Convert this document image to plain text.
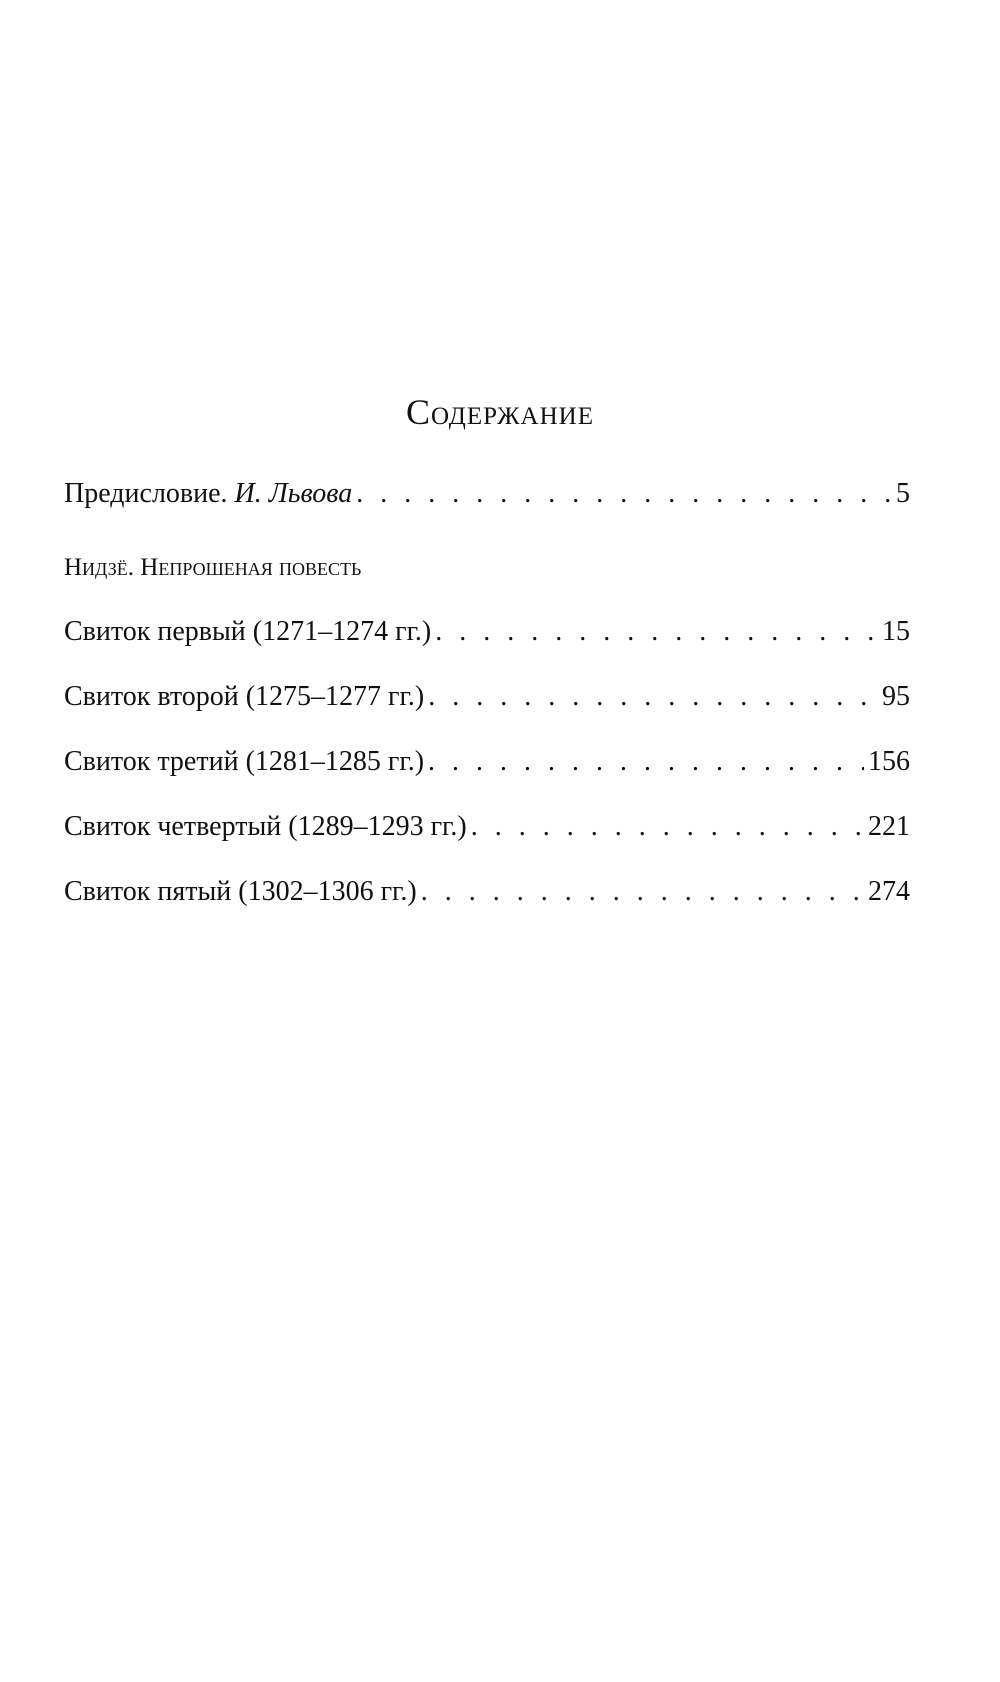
Содержание
Предисловие. И. Львова . . .	5
Нидзё. Непрошеная повесть
Свиток первый (1271–1274 гг.) . . .	15
Свиток второй (1275–1277 гг.) . . .	95
Свиток третий (1281–1285 гг.) . . .	156
Свиток четвертый (1289–1293 гг.) . . .	221
Свиток пятый (1302–1306 гг.) . . .	274
